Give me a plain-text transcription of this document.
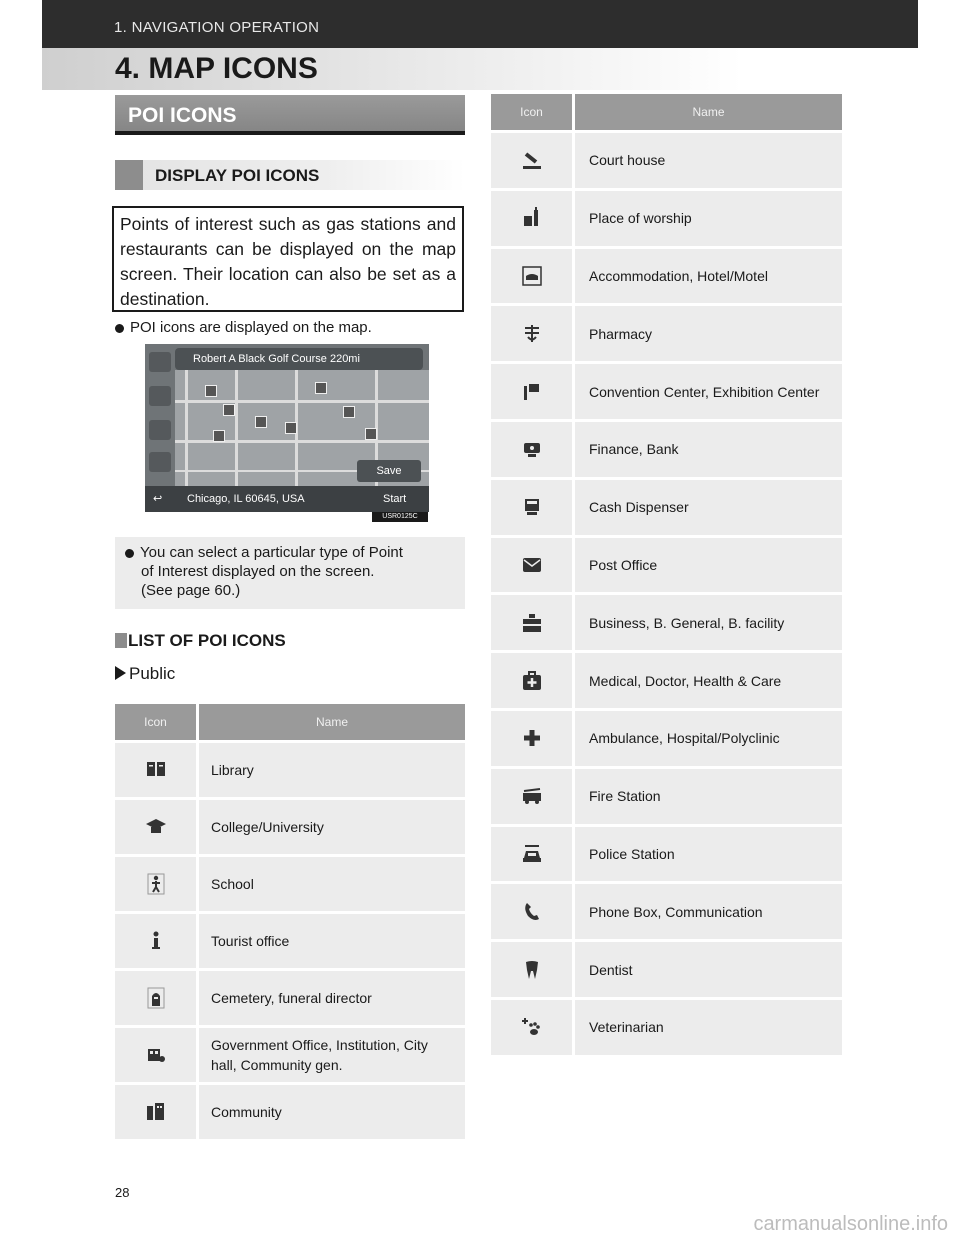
1. NAVIGATION OPERATION
4. MAP ICONS
POI ICONS
DISPLAY POI ICONS
Points of interest such as gas stations and restaurants can be displayed on the map screen. Their location can also be set as a destination.
POI icons are displayed on the map.
Robert A Black Golf Course 220mi
Save
↩ Chicago, IL 60645, USA	Start
USR0125C
You can select a particular type of Point
of Interest displayed on the screen.
(See page 60.)
LIST OF POI ICONS
Public
Icon	Name

	Library

	College/University

	School

	Tourist office

	Cemetery, funeral director

	Government Office, Institution, City hall, Community gen.

	Community
Icon	Name

	Court house

	Place of worship

	Accommodation, Hotel/Motel

	Pharmacy

	Convention Center, Exhibition Center

	Finance, Bank

	Cash Dispenser

	Post Office

	Business, B. General, B. facility

	Medical, Doctor, Health & Care

	Ambulance, Hospital/Polyclinic

	Fire Station

	Police Station

	Phone Box, Communication

	Dentist

	Veterinarian
28
carmanualsonline.info
